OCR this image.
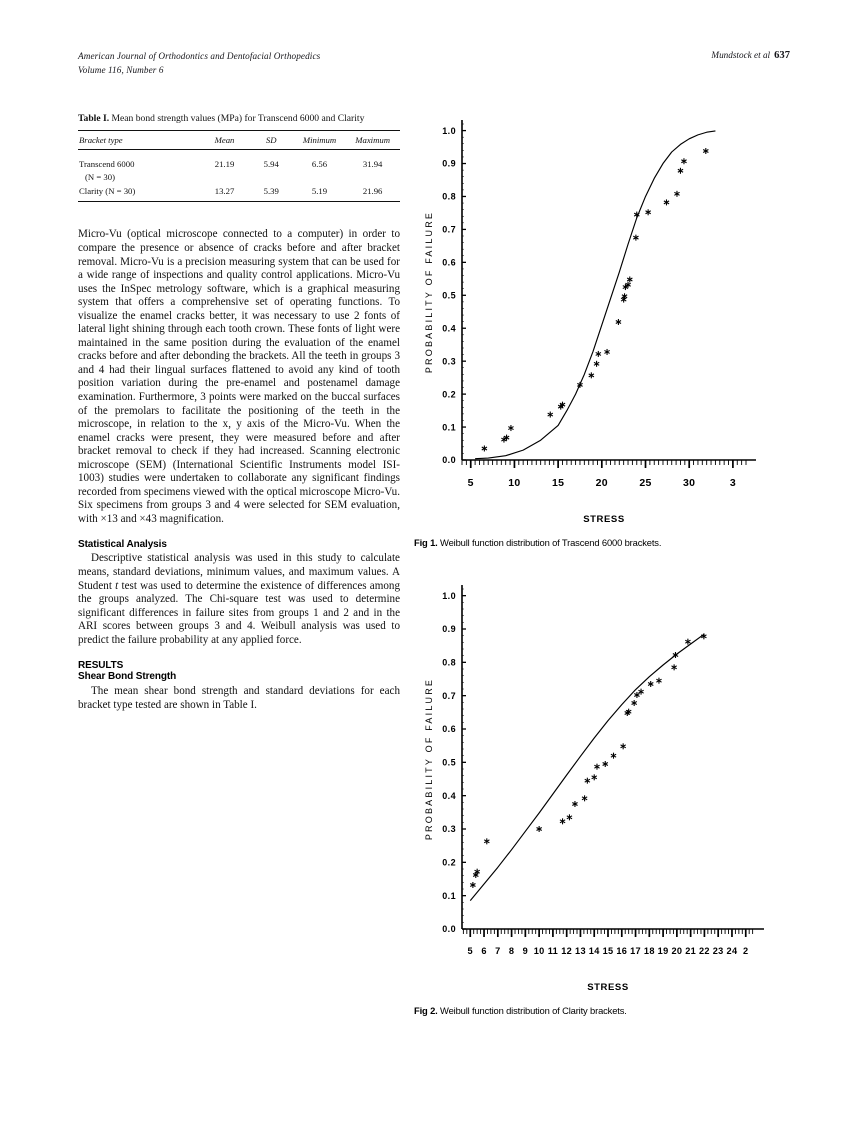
American Journal of Orthodontics and Dentofacial Orthopedics
Volume 116, Number 6
Mundstock et al 637
Table I. Mean bond strength values (MPa) for Transcend 6000 and Clarity
Bracket type	Mean	SD	Minimum	Maximum
Transcend 6000	21.19	5.94	6.56	31.94
(N = 30)				
Clarity (N = 30)	13.27	5.39	5.19	21.96

Micro-Vu (optical microscope connected to a computer) in order to compare the presence or absence of cracks before and after bracket removal. Micro-Vu is a precision measuring system that can be used for a wide range of inspections and quality control applications. Micro-Vu uses the InSpec metrology software, which is a graphical measuring system that offers a comprehensive set of operating functions. To visualize the enamel cracks better, it was necessary to use 2 fonts of lateral light shining through each tooth crown. These fonts of light were maintained in the same position during the evaluation of the enamel cracks before and after debonding the brackets. All the teeth in groups 3 and 4 had their lingual surfaces flattened to avoid any kind of tooth position variation during the pre-enamel and postenamel damage examination. Furthermore, 3 points were marked on the buccal surfaces of the premolars to facilitate the positioning of the teeth in the microscope, in relation to the x, y axis of the Micro-Vu. When the enamel cracks were present, they were measured before and after bracket removal to check if they had increased. Scanning electronic microscope (SEM) (International Scientific Instruments model ISI-1003) studies were undertaken to collaborate any significant findings recorded from specimens viewed with the optical microscope Micro-Vu. Six specimens from groups 3 and 4 were selected for SEM evaluation, with ×13 and ×43 magnification.

Statistical Analysis

Descriptive statistical analysis was used in this study to calculate means, standard deviations, minimum values, and maximum values. A Student t test was used to determine the existence of differences among the groups analyzed. The Chi-square test was used to determine significant differences in failure sites from groups 1 and 2 and in the ARI scores between groups 3 and 4. Weibull analysis was used to predict the failure probability at any applied force.

RESULTS
Shear Bond Strength

The mean shear bond strength and standard deviations for each bracket type tested are shown in Table I.

0.0
0.1
0.2
0.3
0.4
0.5
0.6
0.7
0.8
0.9
1.0
5	10	15	20	25	30	3
PROBABILITY OF FAILURE
STRESS
Fig 1. Weibull function distribution of Trascend 6000 brackets.
0.0
0.1
0.2
0.3
0.4
0.5
0.6
0.7
0.8
0.9
1.0
5 6 7 8 9 10 11 12 13 14 15 16 17 18 19 20 21 22 23 24 2
PROBABILITY OF FAILURE
STRESS
Fig 2. Weibull function distribution of Clarity brackets.
